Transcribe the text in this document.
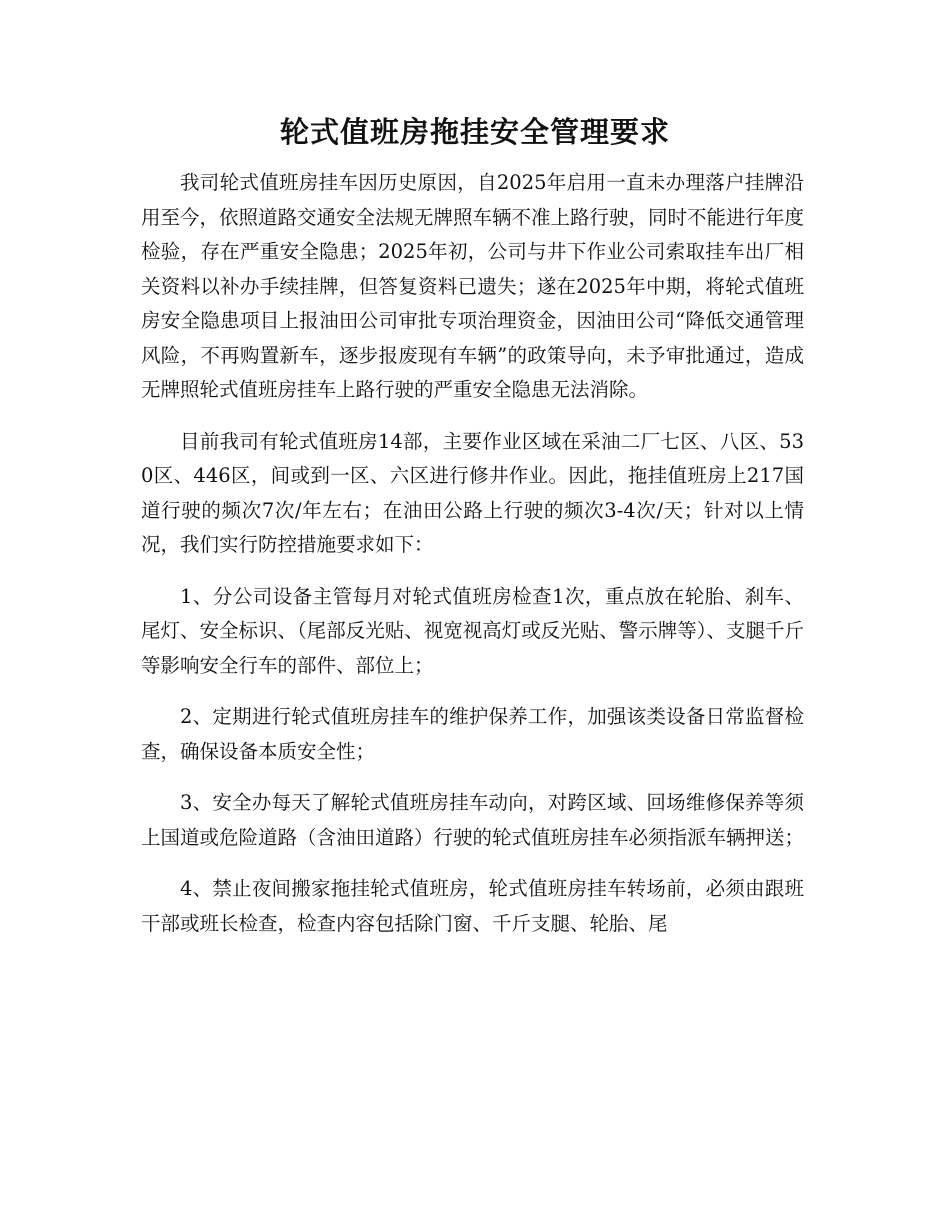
轮式值班房拖挂安全管理要求

我司轮式值班房挂车因历史原因，自2025年启用一直未办理落户挂牌沿用至今，依照道路交通安全法规无牌照车辆不准上路行驶，同时不能进行年度检验，存在严重安全隐患；2025年初，公司与井下作业公司索取挂车出厂相关资料以补办手续挂牌，但答复资料已遗失；遂在2025年中期，将轮式值班房安全隐患项目上报油田公司审批专项治理资金，因油田公司“降低交通管理风险，不再购置新车，逐步报废现有车辆”的政策导向，未予审批通过，造成无牌照轮式值班房挂车上路行驶的严重安全隐患无法消除。

目前我司有轮式值班房14部，主要作业区域在采油二厂七区、八区、530区、446区，间或到一区、六区进行修井作业。因此，拖挂值班房上217国道行驶的频次7次/年左右；在油田公路上行驶的频次3-4次/天；针对以上情况，我们实行防控措施要求如下：

1、分公司设备主管每月对轮式值班房检查1次，重点放在轮胎、刹车、尾灯、安全标识、（尾部反光贴、视宽视高灯或反光贴、警示牌等）、支腿千斤等影响安全行车的部件、部位上；

2、定期进行轮式值班房挂车的维护保养工作，加强该类设备日常监督检查，确保设备本质安全性；

3、安全办每天了解轮式值班房挂车动向，对跨区域、回场维修保养等须上国道或危险道路（含油田道路）行驶的轮式值班房挂车必须指派车辆押送；

4、禁止夜间搬家拖挂轮式值班房，轮式值班房挂车转场前，必须由跟班干部或班长检查，检查内容包括除门窗、千斤支腿、轮胎、尾
